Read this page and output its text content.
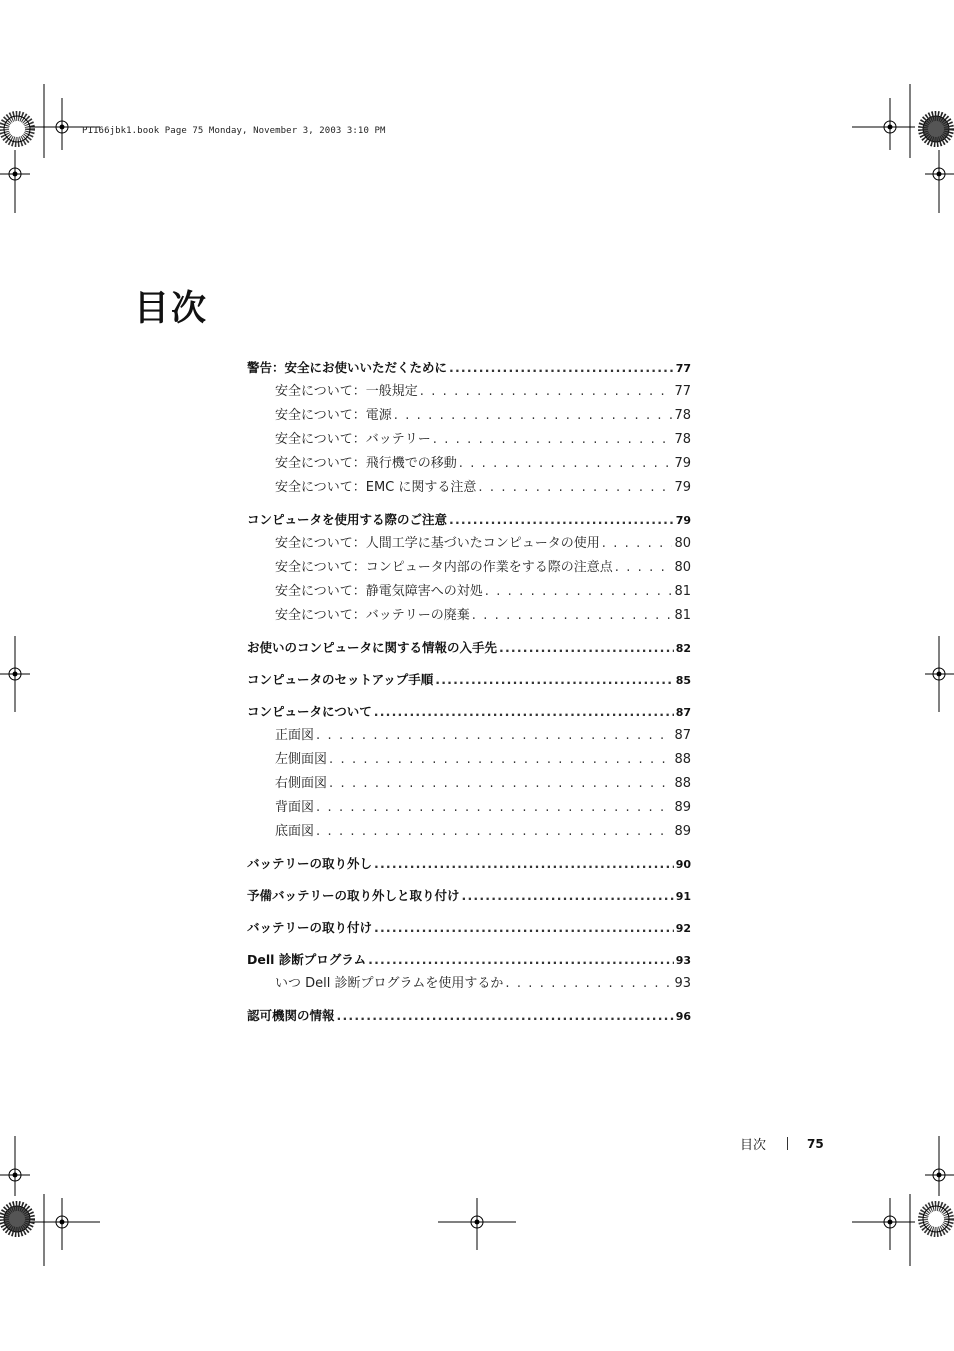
P1166jbk1.book Page 75 Monday, November 3, 2003 3:10 PM
目次
警告：安全にお使いいただくために .....	77
安全について：一般規定 . . .	77
安全について：電源 . . .	78
安全について：バッテリー . . .	78
安全について：飛行機での移動 . . .	79
安全について：EMC に関する注意 . . .	79
コンピュータを使用する際のご注意 .....	79
安全について：人間工学に基づいたコンピュータの使用 . . .	80
安全について：コンピュータ内部の作業をする際の注意点 . . .	80
安全について：静電気障害への対処 . . .	81
安全について：バッテリーの廃棄 . . .	81
お使いのコンピュータに関する情報の入手先 .....	82
コンピュータのセットアップ手順 .....	85
コンピュータについて .....	87
正面図 . . .	87
左側面図 . . .	88
右側面図 . . .	88
背面図 . . .	89
底面図 . . .	89
バッテリーの取り外し .....	90
予備バッテリーの取り外しと取り付け .....	91
バッテリーの取り付け .....	92
Dell 診断プログラム .....	93
いつ Dell 診断プログラムを使用するか . . .	93
認可機関の情報 .....	96
目次	75
